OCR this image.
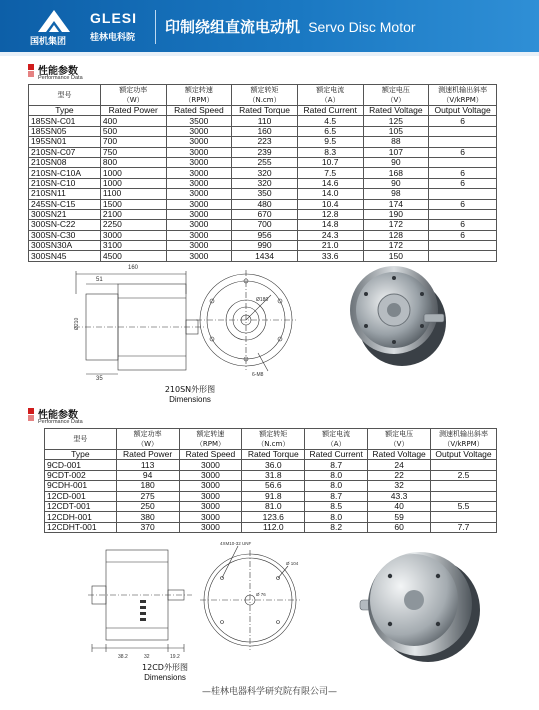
国机集团
GLESI
桂林电科院
印制绕组直流电动机 Servo Disc Motor
性能参数
Performance Data
型号	额定功率
（W）	额定转速
（RPM）	额定转矩
（N.cm）	额定电流
（A）	额定电压
（V）	测速机输出斜率
（V/kRPM）
Type	Rated Power	Rated Speed	Rated Torque	Rated Current	Rated Voltage	Output Voltage
185SN-C01	400	3500	110	4.5	125	6
185SN05	500	3000	160	6.5	105	
195SN01	700	3000	223	9.5	88	
210SN-C07	750	3000	239	8.3	107	6
210SN08	800	3000	255	10.7	90	
210SN-C10A	1000	3000	320	7.5	168	6
210SN-C10	1000	3000	320	14.6	90	6
210SN11	1100	3000	350	14.0	98	
245SN-C15	1500	3000	480	10.4	174	6
300SN21	2100	3000	670	12.8	190	
300SN-C22	2250	3000	700	14.8	172	6
300SN-C30	3000	3000	956	24.3	128	6
300SN30A	3100	3000	990	21.0	172	
300SN45	4500	3000	1434	33.6	150	
160
51
35
Ø210
Ø180
6-M8
210SN外形图
Dimensions
性能参数
Performance Data
型号	额定功率
（W）	额定转速
（RPM）	额定转矩
（N.cm）	额定电流
（A）	额定电压
（V）	测速机输出斜率
（V/kRPM）
Type	Rated Power	Rated Speed	Rated Torque	Rated Current	Rated Voltage	Output Voltage
9CD-001	113	3000	36.0	8.7	24	
9CDT-002	94	3000	31.8	8.0	22	2.5
9CDH-001	180	3000	56.6	8.0	32	
12CD-001	275	3000	91.8	8.7	43.3	
12CDT-001	250	3000	81.0	8.5	40	5.5
12CDH-001	380	3000	123.6	8.0	59	
12CDHT-001	370	3000	112.0	8.2	60	7.7
38.2	32	19.2
4XM10-32 UNF
Ø 104
Ø 76
12CD外形图
Dimensions
—桂林电器科学研究院有限公司—
